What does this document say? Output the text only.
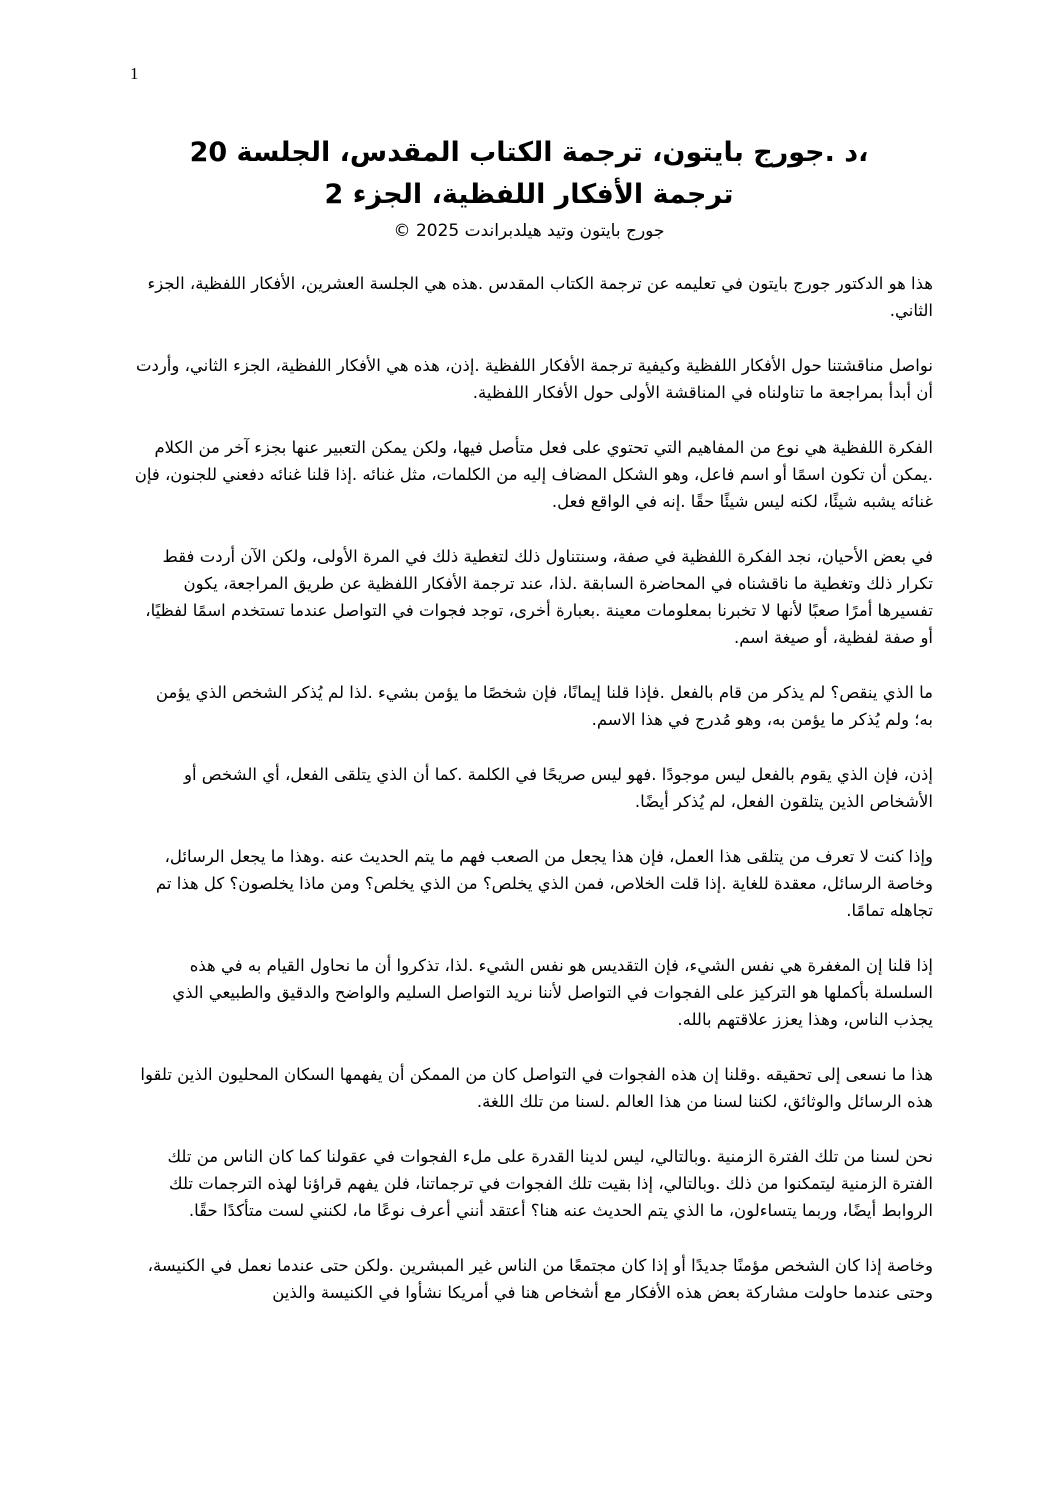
1
،د .جورج بايتون، ترجمة الكتاب المقدس، الجلسة 20
ترجمة الأفكار اللفظية، الجزء 2
جورج بايتون وتيد هيلدبراندت 2025 ©

هذا هو الدكتور جورج بايتون في تعليمه عن ترجمة الكتاب المقدس .هذه هي الجلسة العشرين، الأفكار اللفظية، الجزء الثاني.

نواصل مناقشتنا حول الأفكار اللفظية وكيفية ترجمة الأفكار اللفظية .إذن، هذه هي الأفكار اللفظية، الجزء الثاني، وأردت أن أبدأ بمراجعة ما تناولناه في المناقشة الأولى حول الأفكار اللفظية.

الفكرة اللفظية هي نوع من المفاهيم التي تحتوي على فعل متأصل فيها، ولكن يمكن التعبير عنها بجزء آخر من الكلام .يمكن أن تكون اسمًا أو اسم فاعل، وهو الشكل المضاف إليه من الكلمات، مثل غنائه .إذا قلنا غنائه دفعني للجنون، فإن غنائه يشبه شيئًا، لكنه ليس شيئًا حقًا .إنه في الواقع فعل.

في بعض الأحيان، نجد الفكرة اللفظية في صفة، وسنتناول ذلك لتغطية ذلك في المرة الأولى، ولكن الآن أردت فقط تكرار ذلك وتغطية ما ناقشناه في المحاضرة السابقة .لذا، عند ترجمة الأفكار اللفظية عن طريق المراجعة، يكون تفسيرها أمرًا صعبًا لأنها لا تخبرنا بمعلومات معينة .بعبارة أخرى، توجد فجوات في التواصل عندما تستخدم اسمًا لفظيًا، أو صفة لفظية، أو صيغة اسم.

ما الذي ينقص؟ لم يذكر من قام بالفعل .فإذا قلنا إيمانًا، فإن شخصًا ما يؤمن بشيء .لذا لم يُذكر الشخص الذي يؤمن به؛ ولم يُذكر ما يؤمن به، وهو مُدرج في هذا الاسم.

إذن، فإن الذي يقوم بالفعل ليس موجودًا .فهو ليس صريحًا في الكلمة .كما أن الذي يتلقى الفعل، أي الشخص أو الأشخاص الذين يتلقون الفعل، لم يُذكر أيضًا.

وإذا كنت لا تعرف من يتلقى هذا العمل، فإن هذا يجعل من الصعب فهم ما يتم الحديث عنه .وهذا ما يجعل الرسائل، وخاصة الرسائل، معقدة للغاية .إذا قلت الخلاص، فمن الذي يخلص؟ من الذي يخلص؟ ومن ماذا يخلصون؟ كل هذا تم تجاهله تمامًا.

إذا قلنا إن المغفرة هي نفس الشيء، فإن التقديس هو نفس الشيء .لذا، تذكروا أن ما نحاول القيام به في هذه السلسلة بأكملها هو التركيز على الفجوات في التواصل لأننا نريد التواصل السليم والواضح والدقيق والطبيعي الذي يجذب الناس، وهذا يعزز علاقتهم بالله.

هذا ما نسعى إلى تحقيقه .وقلنا إن هذه الفجوات في التواصل كان من الممكن أن يفهمها السكان المحليون الذين تلقوا هذه الرسائل والوثائق، لكننا لسنا من هذا العالم .لسنا من تلك اللغة.

نحن لسنا من تلك الفترة الزمنية .وبالتالي، ليس لدينا القدرة على ملء الفجوات في عقولنا كما كان الناس من تلك الفترة الزمنية ليتمكنوا من ذلك .وبالتالي، إذا بقيت تلك الفجوات في ترجماتنا، فلن يفهم قراؤنا لهذه الترجمات تلك الروابط أيضًا، وربما يتساءلون، ما الذي يتم الحديث عنه هنا؟ أعتقد أنني أعرف نوعًا ما، لكنني لست متأكدًا حقًا.

وخاصة إذا كان الشخص مؤمنًا جديدًا أو إذا كان مجتمعًا من الناس غير المبشرين .ولكن حتى عندما نعمل في الكنيسة، وحتى عندما حاولت مشاركة بعض هذه الأفكار مع أشخاص هنا في أمريكا نشأوا في الكنيسة والذين
